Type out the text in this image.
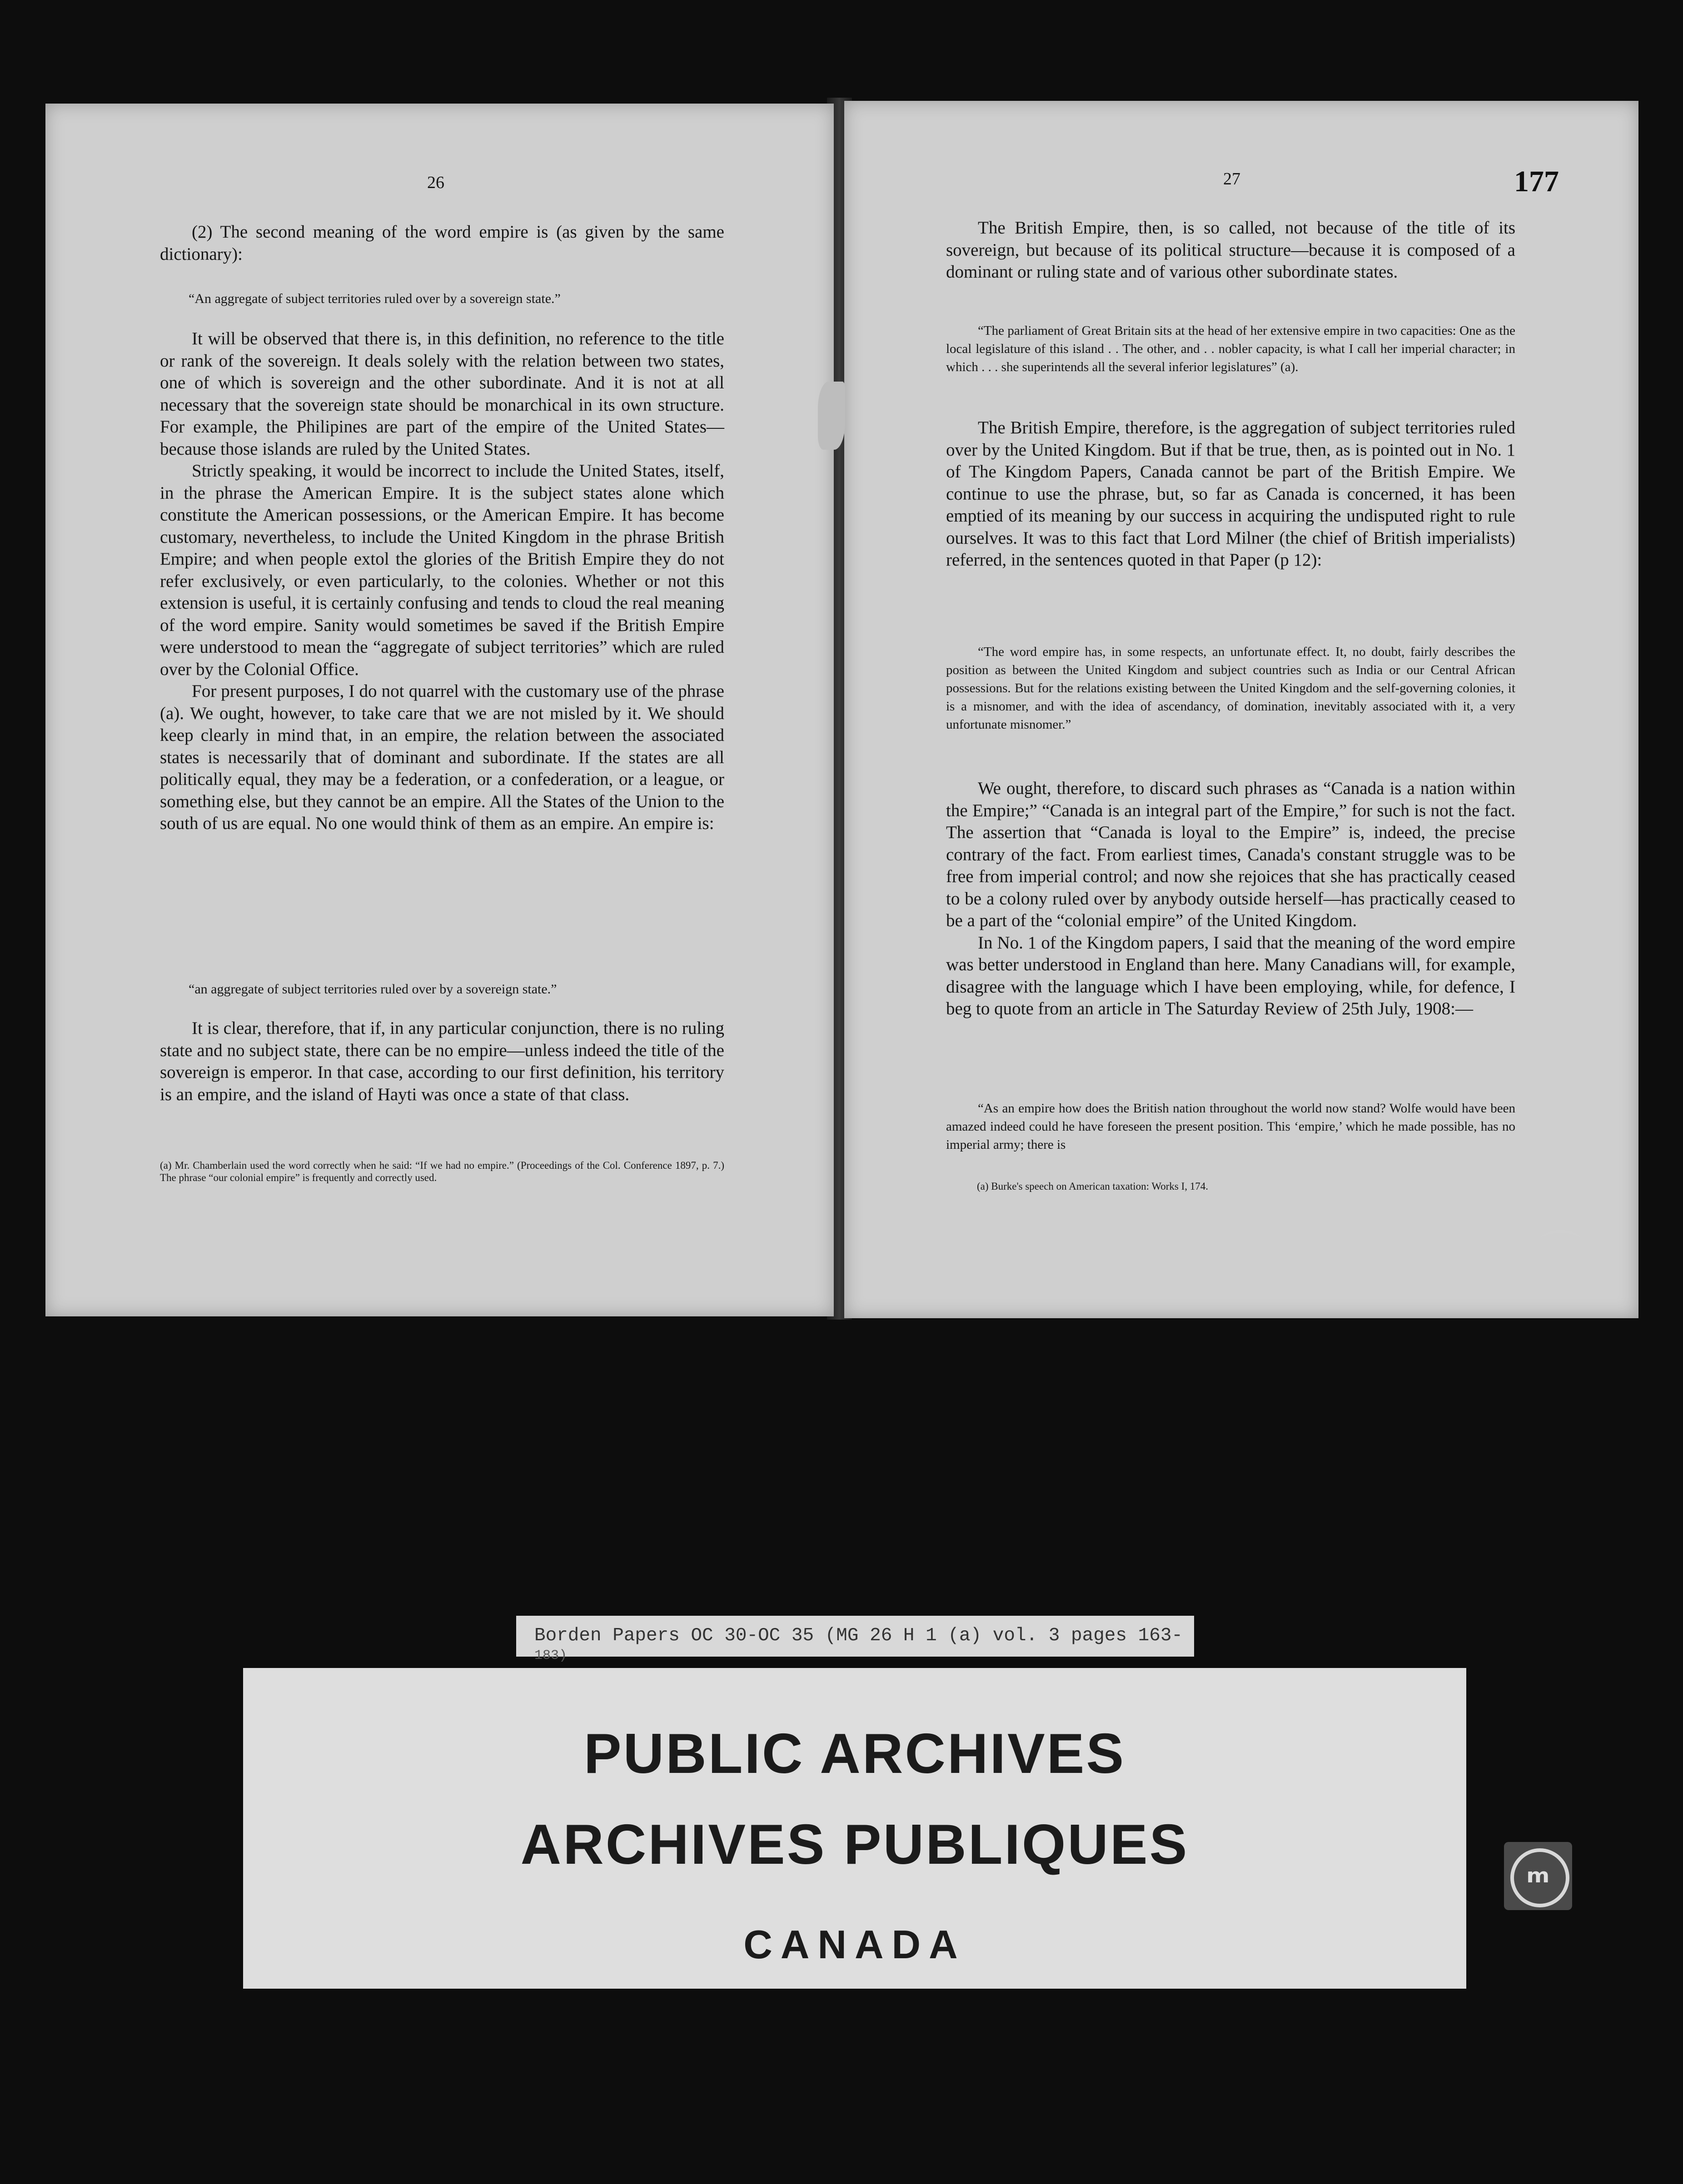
26

(2) The second meaning of the word empire is (as given by the same dictionary):

“An aggregate of subject territories ruled over by a sovereign state.”

It will be observed that there is, in this definition, no reference to the title or rank of the sovereign. It deals solely with the relation between two states, one of which is sovereign and the other subordinate. And it is not at all necessary that the sovereign state should be monarchical in its own structure. For example, the Philipines are part of the empire of the United States—because those islands are ruled by the United States.

Strictly speaking, it would be incorrect to include the United States, itself, in the phrase the American Empire. It is the subject states alone which constitute the American possessions, or the American Empire. It has become customary, nevertheless, to include the United Kingdom in the phrase British Empire; and when people extol the glories of the British Empire they do not refer exclusively, or even particularly, to the colonies. Whether or not this extension is useful, it is certainly confusing and tends to cloud the real meaning of the word empire. Sanity would sometimes be saved if the British Empire were understood to mean the “aggregate of subject territories” which are ruled over by the Colonial Office.

For present purposes, I do not quarrel with the customary use of the phrase (a). We ought, however, to take care that we are not misled by it. We should keep clearly in mind that, in an empire, the relation between the associated states is necessarily that of dominant and subordinate. If the states are all politically equal, they may be a federation, or a confederation, or a league, or something else, but they cannot be an empire. All the States of the Union to the south of us are equal. No one would think of them as an empire. An empire is:

“an aggregate of subject territories ruled over by a sovereign state.”

It is clear, therefore, that if, in any particular conjunction, there is no ruling state and no subject state, there can be no empire—unless indeed the title of the sovereign is emperor. In that case, according to our first definition, his territory is an empire, and the island of Hayti was once a state of that class.

(a) Mr. Chamberlain used the word correctly when he said: “If we had no empire.” (Proceedings of the Col. Conference 1897, p. 7.) The phrase “our colonial empire” is frequently and correctly used.
27	177

The British Empire, then, is so called, not because of the title of its sovereign, but because of its political structure—because it is composed of a dominant or ruling state and of various other subordinate states.

“The parliament of Great Britain sits at the head of her extensive empire in two capacities: One as the local legislature of this island . . The other, and . . nobler capacity, is what I call her imperial character; in which . . . she superintends all the several inferior legislatures” (a).

The British Empire, therefore, is the aggregation of subject territories ruled over by the United Kingdom. But if that be true, then, as is pointed out in No. 1 of The Kingdom Papers, Canada cannot be part of the British Empire. We continue to use the phrase, but, so far as Canada is concerned, it has been emptied of its meaning by our success in acquiring the undisputed right to rule ourselves. It was to this fact that Lord Milner (the chief of British imperialists) referred, in the sentences quoted in that Paper (p 12):

“The word empire has, in some respects, an unfortunate effect. It, no doubt, fairly describes the position as between the United Kingdom and subject countries such as India or our Central African possessions. But for the relations existing between the United Kingdom and the self-governing colonies, it is a misnomer, and with the idea of ascendancy, of domination, inevitably associated with it, a very unfortunate misnomer.”

We ought, therefore, to discard such phrases as “Canada is a nation within the Empire;” “Canada is an integral part of the Empire,” for such is not the fact. The assertion that “Canada is loyal to the Empire” is, indeed, the precise contrary of the fact. From earliest times, Canada's constant struggle was to be free from imperial control; and now she rejoices that she has practically ceased to be a colony ruled over by anybody outside herself—has practically ceased to be a part of the “colonial empire” of the United Kingdom.

In No. 1 of the Kingdom papers, I said that the meaning of the word empire was better understood in England than here. Many Canadians will, for example, disagree with the language which I have been employing, while, for defence, I beg to quote from an article in The Saturday Review of 25th July, 1908:—

“As an empire how does the British nation throughout the world now stand? Wolfe would have been amazed indeed could he have foreseen the present position. This ‘empire,’ which he made possible, has no imperial army; there is
(a) Burke's speech on American taxation: Works I, 174.
⌒
Borden Papers OC 30-OC 35 (MG 26 H 1 (a) vol. 3 pages 163-
183)
PUBLIC ARCHIVES
ARCHIVES PUBLIQUES
CANADA
ₘ
